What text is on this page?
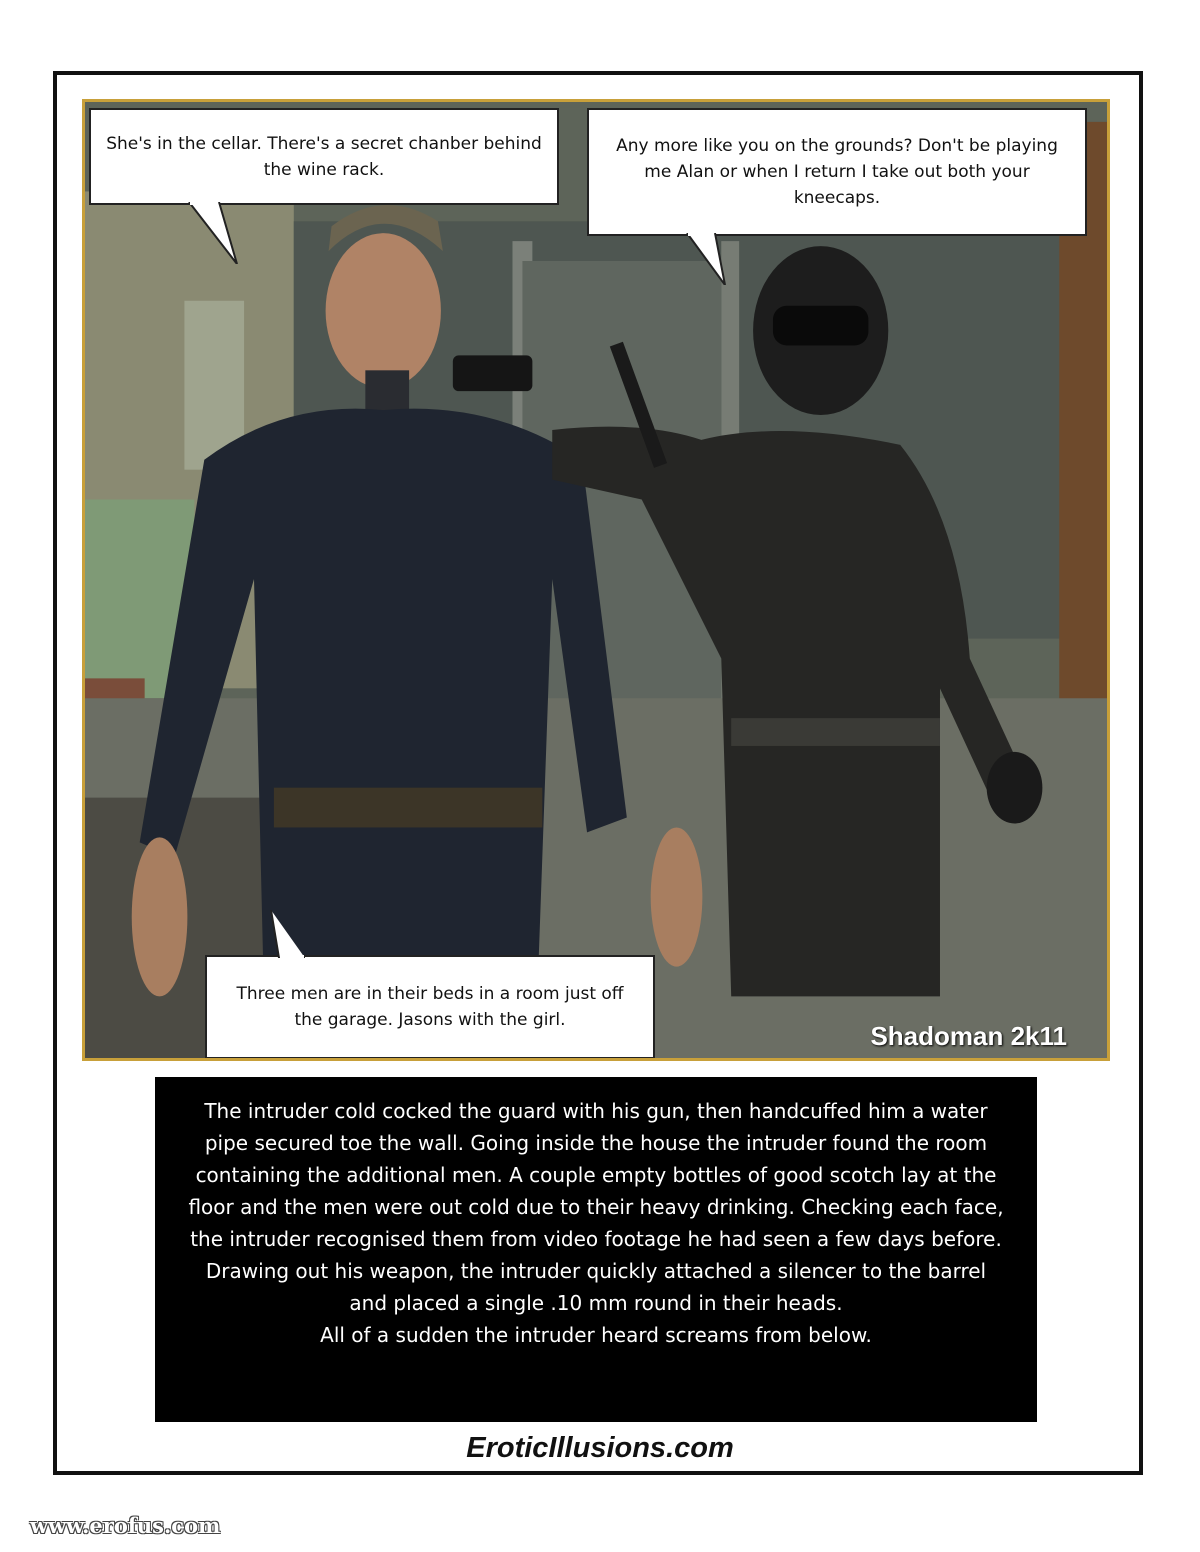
She's in the cellar. There's a secret chanber behind the wine rack.
Any more like you on the grounds? Don't be playing me Alan or when I return I take out both your kneecaps.
Three men are in their beds in a room just off the garage. Jasons with the girl.
Shadoman 2k11
The intruder cold cocked the guard with his gun, then handcuffed him a water pipe secured toe the wall. Going inside the house the intruder found the room containing the additional men. A couple empty bottles of good scotch lay at the floor and the men were out cold due to their heavy drinking. Checking each face, the intruder recognised them from video footage he had seen a few days before. Drawing out his weapon, the intruder quickly attached a silencer to the barrel and placed a single .10 mm round in their heads.
All of a sudden the intruder heard screams from below.
EroticIllusions.com
www.erofus.com
